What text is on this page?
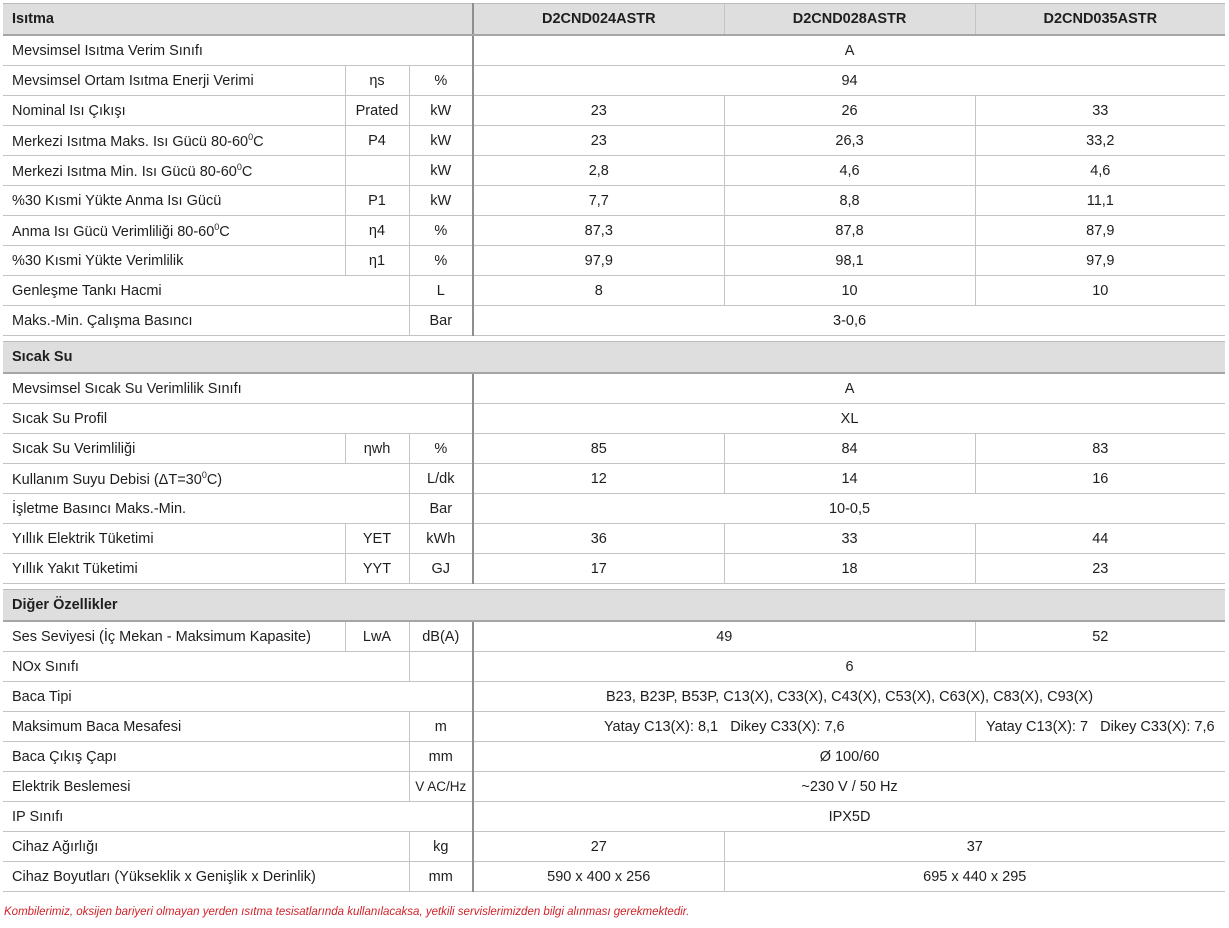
Isıtma			D2CND024ASTR	D2CND028ASTR	D2CND035ASTR
Mevsimsel Isıtma Verim Sınıfı			A		
Mevsimsel Ortam Isıtma Enerji Verimi	ηs	%	94		
Nominal Isı Çıkışı	Prated	kW	23	26	33
Merkezi Isıtma Maks. Isı Gücü $80-60^0C$	P4	kW	23	26,3	33,2
Merkezi Isıtma Min. Isı Gücü $80-60^0C$		kW	2,8	4,6	4,6
%30 Kısmi Yükte Anma Isı Gücü	P1	kW	7,7	8,8	11,1
Anma Isı Gücü Verimliliği $80-60^0C$	η4	%	87,3	87,8	87,9
%30 Kısmi Yükte Verimlilik	η1	%	97,9	98,1	97,9
Genleşme Tankı Hacmi		L	8	10	10
Maks.-Min. Çalışma Basıncı		Bar	3-0,6		

Sıcak Su					
Mevsimsel Sıcak Su Verimlilik Sınıfı			A		
Sıcak Su Profil			XL		
Sıcak Su Verimliliği	ηwh	%	85	84	83
Kullanım Suyu Debisi $(\Delta T=30^0C)$		L/dk	12	14	16
İşletme Basıncı Maks.-Min.		Bar	10-0,5		
Yıllık Elektrik Tüketimi	YET	kWh	36	33	44
Yıllık Yakıt Tüketimi	YYT	GJ	17	18	23

Diğer Özellikler					
Ses Seviyesi (İç Mekan - Maksimum Kapasite)	LwA	dB(A)	49		52
NOx Sınıfı			6		
Baca Tipi			B23, B23P, B53P, C13(X), C33(X), C43(X), C53(X), C63(X), C83(X), C93(X)		
Maksimum Baca Mesafesi		m	Yatay C13(X): 8,1   Dikey C33(X): 7,6		Yatay C13(X): 7   Dikey C33(X): 7,6
Baca Çıkış Çapı		mm	Ø 100/60		
Elektrik Beslemesi		V AC/Hz	~230 V / 50 Hz		
IP Sınıfı			IPX5D		
Cihaz Ağırlığı		kg	27	37	
Cihaz Boyutları (Yükseklik x Genişlik x Derinlik)		mm	590 x 400 x 256	695 x 440 x 295	
Kombilerimiz, oksijen bariyeri olmayan yerden ısıtma tesisatlarında kullanılacaksa, yetkili servislerimizden bilgi alınması gerekmektedir.
